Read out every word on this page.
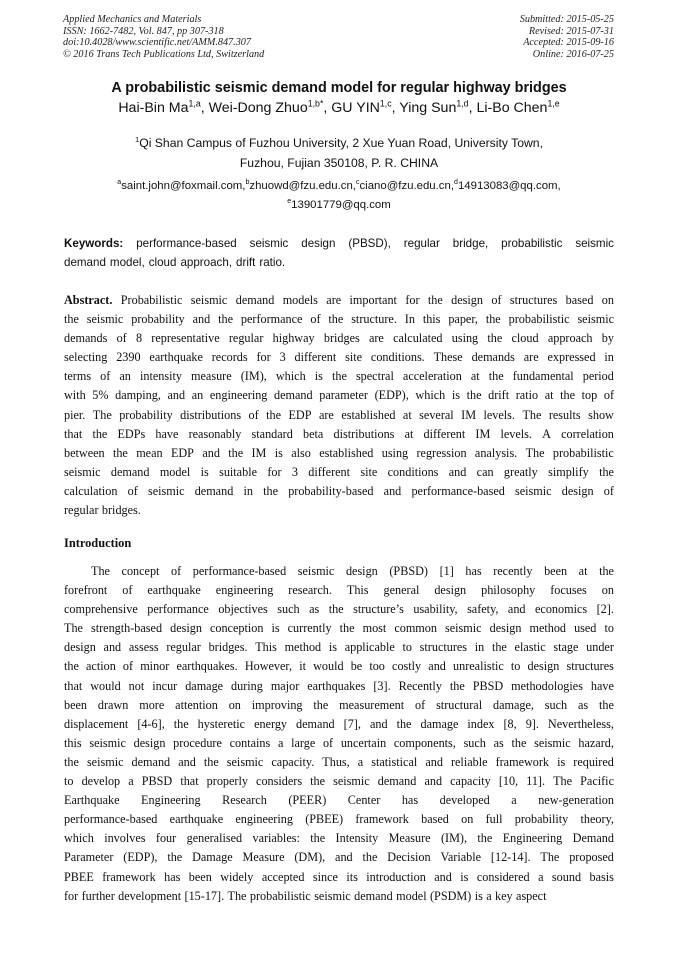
Applied Mechanics and Materials
ISSN: 1662-7482, Vol. 847, pp 307-318
doi:10.4028/www.scientific.net/AMM.847.307
© 2016 Trans Tech Publications Ltd, Switzerland
Submitted: 2015-05-25
Revised: 2015-07-31
Accepted: 2015-09-16
Online: 2016-07-25
A probabilistic seismic demand model for regular highway bridges
Hai-Bin Ma$^{1,a}$, Wei-Dong Zhuo$^{1,b*}$, GU YIN$^{1,c}$, Ying Sun$^{1,d}$, Li-Bo Chen$^{1,e}$
$^1$Qi Shan Campus of Fuzhou University, 2 Xue Yuan Road, University Town,
Fuzhou, Fujian 350108, P. R. CHINA
$^a$saint.john@foxmail.com,$^b$zhuowd@fzu.edu.cn,$^c$ciano@fzu.edu.cn,$^d$14913083@qq.com,
$^e$13901779@qq.com
Keywords: performance-based seismic design (PBSD), regular bridge, probabilistic seismic
demand model, cloud approach, drift ratio.
Abstract. Probabilistic seismic demand models are important for the design of structures based on
the seismic probability and the performance of the structure. In this paper, the probabilistic seismic
demands of 8 representative regular highway bridges are calculated using the cloud approach by
selecting 2390 earthquake records for 3 different site conditions. These demands are expressed in
terms of an intensity measure (IM), which is the spectral acceleration at the fundamental period
with 5% damping, and an engineering demand parameter (EDP), which is the drift ratio at the top of
pier. The probability distributions of the EDP are established at several IM levels. The results show
that the EDPs have reasonably standard beta distributions at different IM levels. A correlation
between the mean EDP and the IM is also established using regression analysis. The probabilistic
seismic demand model is suitable for 3 different site conditions and can greatly simplify the
calculation of seismic demand in the probability-based and performance-based seismic design of
regular bridges.
Introduction
The concept of performance-based seismic design (PBSD) [1] has recently been at the
forefront of earthquake engineering research. This general design philosophy focuses on
comprehensive performance objectives such as the structure’s usability, safety, and economics [2].
The strength-based design conception is currently the most common seismic design method used to
design and assess regular bridges. This method is applicable to structures in the elastic stage under
the action of minor earthquakes. However, it would be too costly and unrealistic to design structures
that would not incur damage during major earthquakes [3]. Recently the PBSD methodologies have
been drawn more attention on improving the measurement of structural damage, such as the
displacement [4-6], the hysteretic energy demand [7], and the damage index [8, 9]. Nevertheless,
this seismic design procedure contains a large of uncertain components, such as the seismic hazard,
the seismic demand and the seismic capacity. Thus, a statistical and reliable framework is required
to develop a PBSD that properly considers the seismic demand and capacity [10, 11]. The Pacific
Earthquake Engineering Research (PEER) Center has developed a new-generation
performance-based earthquake engineering (PBEE) framework based on full probability theory,
which involves four generalised variables: the Intensity Measure (IM), the Engineering Demand
Parameter (EDP), the Damage Measure (DM), and the Decision Variable [12-14]. The proposed
PBEE framework has been widely accepted since its introduction and is considered a sound basis
for further development [15-17]. The probabilistic seismic demand model (PSDM) is a key aspect
